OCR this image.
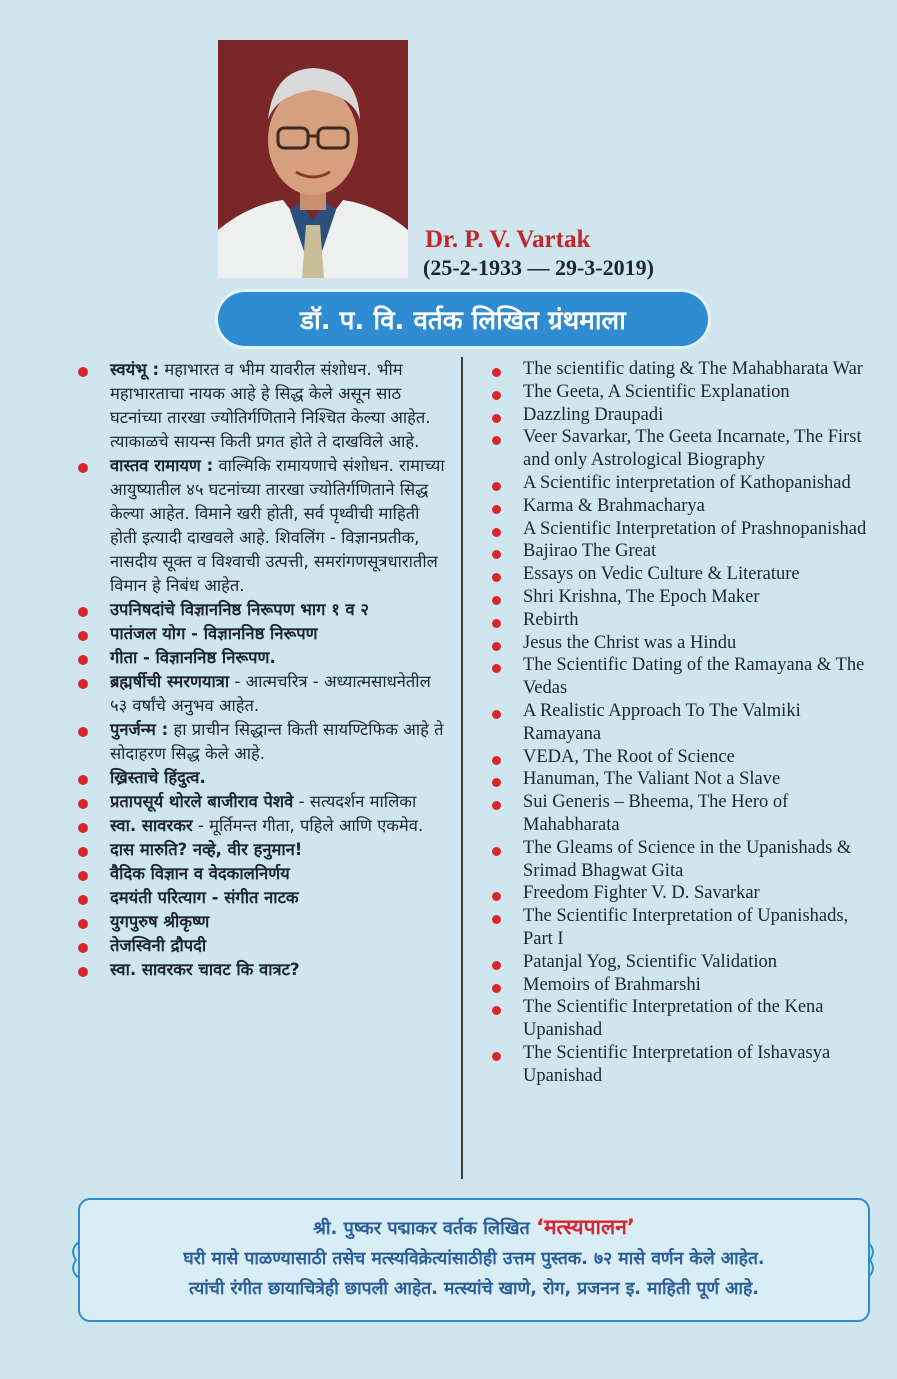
Dr. P. V. Vartak
(25-2-1933 — 29-3-2019)
डॉ. प. वि. वर्तक लिखित ग्रंथमाला
स्वयंभू : महाभारत व भीम यावरील संशोधन. भीम महाभारताचा नायक आहे हे सिद्ध केले असून साठ घटनांच्या तारखा ज्योतिर्गणिताने निश्चित केल्या आहेत. त्याकाळचे सायन्स किती प्रगत होते ते दाखविले आहे.
वास्तव रामायण : वाल्मिकि रामायणाचे संशोधन. रामाच्या आयुष्यातील ४५ घटनांच्या तारखा ज्योतिर्गणिताने सिद्ध केल्या आहेत. विमाने खरी होती, सर्व पृथ्वीची माहिती होती इत्यादी दाखवले आहे. शिवलिंग - विज्ञानप्रतीक, नासदीय सूक्त व विश्वाची उत्पत्ती, समरांगणसूत्रधारातील विमान हे निबंध आहेत.
उपनिषदांचे विज्ञाननिष्ठ निरूपण भाग १ व २
पातंजल योग - विज्ञाननिष्ठ निरूपण
गीता - विज्ञाननिष्ठ निरूपण.
ब्रह्मर्षीची स्मरणयात्रा - आत्मचरित्र - अध्यात्मसाधनेतील ५३ वर्षांचे अनुभव आहेत.
पुनर्जन्म : हा प्राचीन सिद्धान्त किती सायण्टिफिक आहे ते सोदाहरण सिद्ध केले आहे.
ख्रिस्ताचे हिंदुत्व.
प्रतापसूर्य थोरले बाजीराव पेशवे - सत्यदर्शन मालिका
स्वा. सावरकर - मूर्तिमन्त गीता, पहिले आणि एकमेव.
दास मारुति? नव्हे, वीर हनुमान!
वैदिक विज्ञान व वेदकालनिर्णय
दमयंती परित्याग - संगीत नाटक
युगपुरुष श्रीकृष्ण
तेजस्विनी द्रौपदी
स्वा. सावरकर चावट कि वात्रट?
The scientific dating & The Mahabharata War
The Geeta, A Scientific Explanation
Dazzling Draupadi
Veer Savarkar, The Geeta Incarnate, The First and only Astrological Biography
A Scientific interpretation of Kathopanishad
Karma & Brahmacharya
A Scientific Interpretation of Prashnopanishad
Bajirao The Great
Essays on Vedic Culture & Literature
Shri Krishna, The Epoch Maker
Rebirth
Jesus the Christ was a Hindu
The Scientific Dating of the Ramayana & The Vedas
A Realistic Approach To The Valmiki Ramayana
VEDA, The Root of Science
Hanuman, The Valiant Not a Slave
Sui Generis – Bheema, The Hero of Mahabharata
The Gleams of Science in the Upanishads & Srimad Bhagwat Gita
Freedom Fighter V. D. Savarkar
The Scientific Interpretation of Upanishads, Part I
Patanjal Yog, Scientific Validation
Memoirs of Brahmarshi
The Scientific Interpretation of the Kena Upanishad
The Scientific Interpretation of Ishavasya Upanishad
श्री. पुष्कर पद्माकर वर्तक लिखित ‘मत्स्यपालन’
घरी मासे पाळण्यासाठी तसेच मत्स्यविक्रेत्यांसाठीही उत्तम पुस्तक. ७२ मासे वर्णन केले आहेत.
त्यांची रंगीत छायाचित्रेही छापली आहेत. मत्स्यांचे खाणे, रोग, प्रजनन इ. माहिती पूर्ण आहे.
